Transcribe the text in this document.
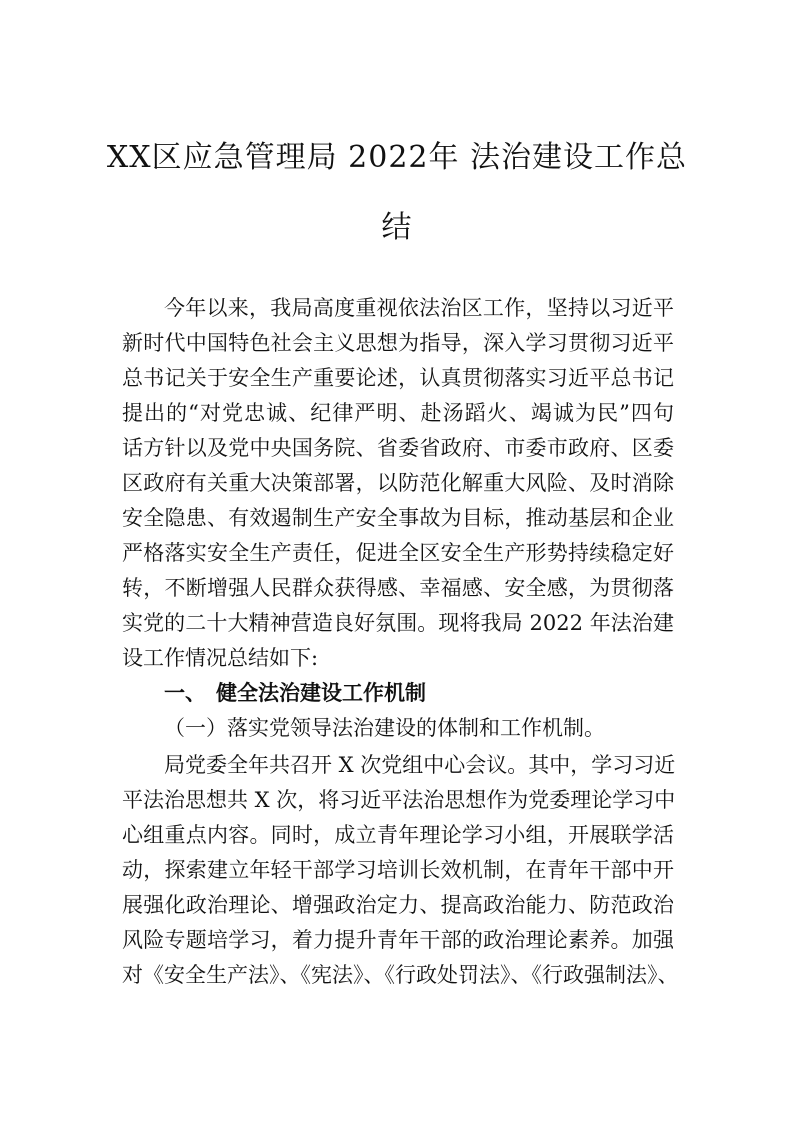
XX区应急管理局 2022年 法治建设工作总
结
今年以来，我局高度重视依法治区工作，坚持以习近平
新时代中国特色社会主义思想为指导，深入学习贯彻习近平
总书记关于安全生产重要论述，认真贯彻落实习近平总书记
提出的“对党忠诚、纪律严明、赴汤蹈火、竭诚为民”四句
话方针以及党中央国务院、省委省政府、市委市政府、区委
区政府有关重大决策部署，以防范化解重大风险、及时消除
安全隐患、有效遏制生产安全事故为目标，推动基层和企业
严格落实安全生产责任，促进全区安全生产形势持续稳定好
转，不断增强人民群众获得感、幸福感、安全感，为贯彻落
实党的二十大精神营造良好氛围。现将我局 2022 年法治建
设工作情况总结如下:
一、 健全法治建设工作机制
（一）落实党领导法治建设的体制和工作机制。
局党委全年共召开 X 次党组中心会议。其中，学习习近
平法治思想共 X 次，将习近平法治思想作为党委理论学习中
心组重点内容。同时，成立青年理论学习小组，开展联学活
动，探索建立年轻干部学习培训长效机制，在青年干部中开
展强化政治理论、增强政治定力、提高政治能力、防范政治
风险专题培学习，着力提升青年干部的政治理论素养。加强
对《安全生产法》、《宪法》、《行政处罚法》、《行政强制法》、
